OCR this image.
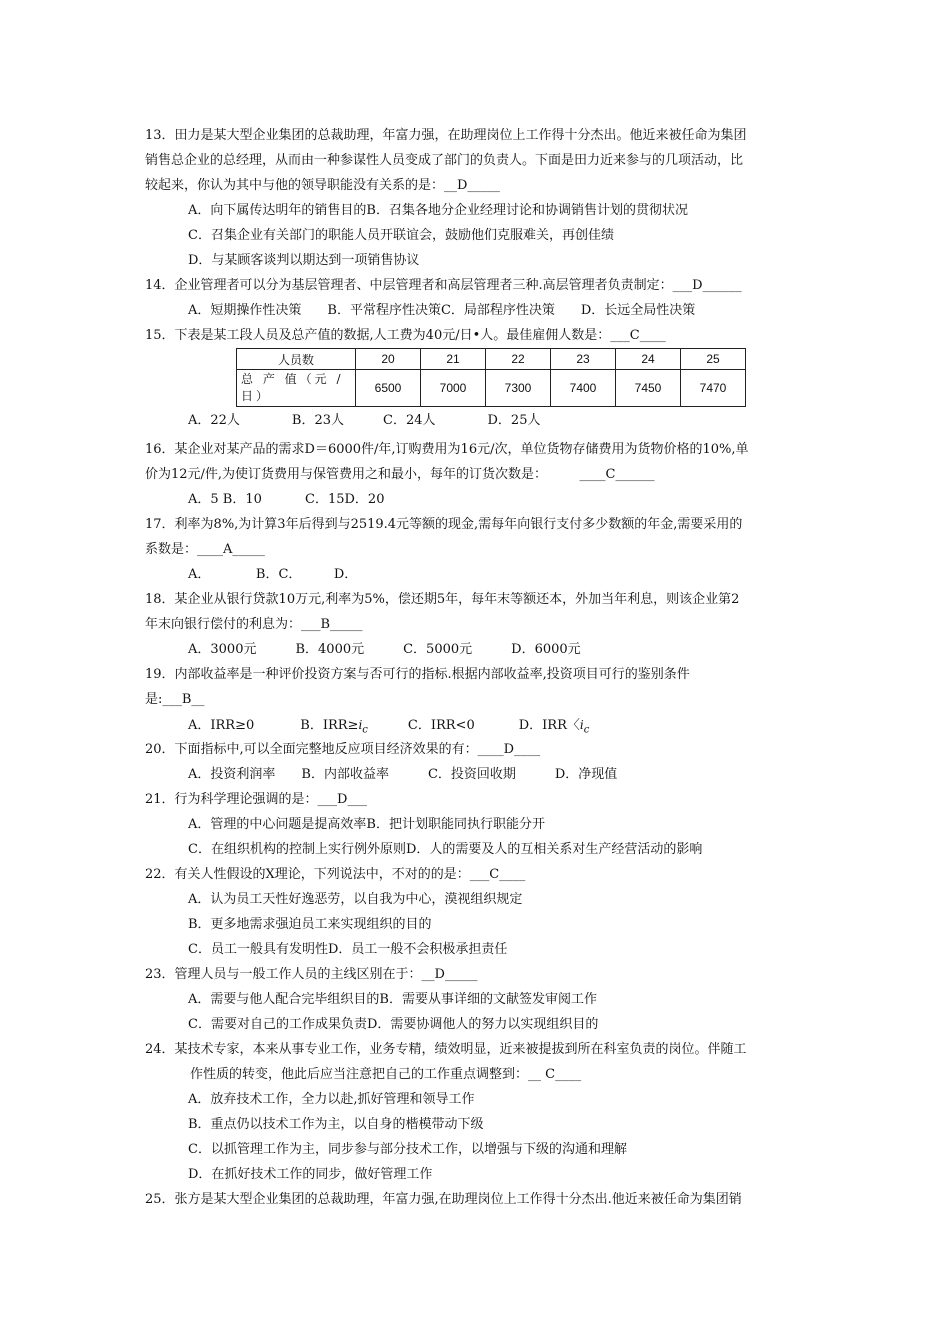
13．田力是某大型企业集团的总裁助理，年富力强，在助理岗位上工作得十分杰出。他近来被任命为集团
销售总企业的总经理，从而由一种参谋性人员变成了部门的负责人。下面是田力近来参与的几项活动，比
较起来，你认为其中与他的领导职能没有关系的是：__D_____
A．向下属传达明年的销售目的B．召集各地分企业经理讨论和协调销售计划的贯彻状况
C．召集企业有关部门的职能人员开联谊会，鼓励他们克服难关，再创佳绩
D．与某顾客谈判以期达到一项销售协议
14．企业管理者可以分为基层管理者、中层管理者和高层管理者三种.高层管理者负责制定：___D______
A．短期操作性决策　　B．平常程序性决策C．局部程序性决策　　D．长远全局性决策
15．下表是某工段人员及总产值的数据,人工费为40元/日•人。最佳雇佣人数是：___C____
人员数	20	21	22	23	24	25
总 产 值（元 /
日）	6500	7000	7300	7400	7450	7470
A．22人　　　　B．23人　　　C．24人　　　　D．25人
16．某企业对某产品的需求D＝6000件/年,订购费用为16元/次，单位货物存储费用为货物价格的10%,单
价为12元/件,为使订货费用与保管费用之和最小，每年的订货次数是：　　　____C______
A．5 B．10　　　 C．15D．20
17．利率为8%,为计算3年后得到与2519.4元等额的现金,需每年向银行支付多少数额的年金,需要采用的
系数是：____A_____
A．　　　　B．C．　　　D．
18．某企业从银行贷款10万元,利率为5%，偿还期5年，每年末等额还本，外加当年利息，则该企业第2
年末向银行偿付的利息为：___B_____
A．3000元　　　B．4000元　　　C．5000元　　　D．6000元
19．内部收益率是一种评价投资方案与否可行的指标.根据内部收益率,投资项目可行的鉴别条件
是:___B__
A．IRR≥0	B．$IRR\ge i_c$	C．IRR<0	D．IRR〈$i_c$
20．下面指标中,可以全面完整地反应项目经济效果的有：____D____
A．投资利润率　　B．内部收益率　　　C．投资回收期　　　D．净现值
21．行为科学理论强调的是：___D___
A．管理的中心问题是提高效率B．把计划职能同执行职能分开
C．在组织机构的控制上实行例外原则D．人的需要及人的互相关系对生产经营活动的影响
22．有关人性假设的X理论，下列说法中，不对的的是：___C____
A．认为员工天性好逸恶劳，以自我为中心，漠视组织规定
B．更多地需求强迫员工来实现组织的目的
C．员工一般具有发明性D．员工一般不会积极承担责任
23．管理人员与一般工作人员的主线区别在于：__D_____
A．需要与他人配合完毕组织目的B．需要从事详细的文献签发审阅工作
C．需要对自己的工作成果负责D．需要协调他人的努力以实现组织目的
24．某技术专家，本来从事专业工作，业务专精，绩效明显，近来被提拔到所在科室负责的岗位。伴随工
作性质的转变，他此后应当注意把自己的工作重点调整到：__ C____
A．放弃技术工作，全力以赴,抓好管理和领导工作
B．重点仍以技术工作为主，以自身的楷模带动下级
C．以抓管理工作为主，同步参与部分技术工作，以增强与下级的沟通和理解
D．在抓好技术工作的同步，做好管理工作
25．张方是某大型企业集团的总裁助理，年富力强,在助理岗位上工作得十分杰出.他近来被任命为集团销
